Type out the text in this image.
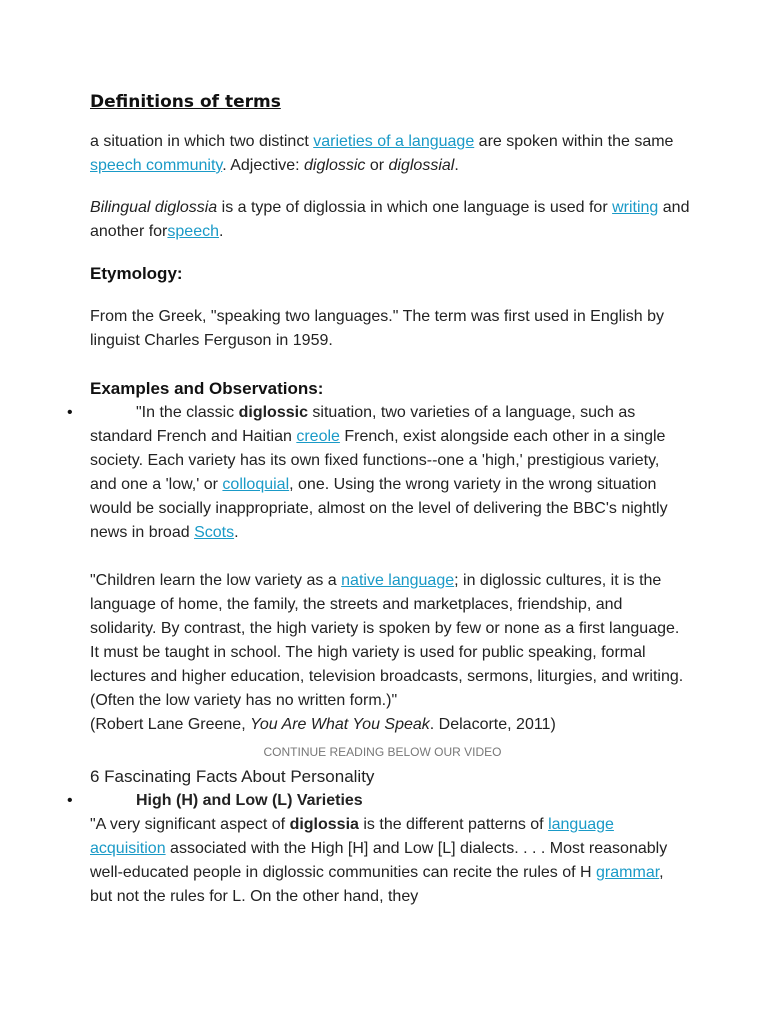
Definitions of terms

a situation in which two distinct varieties of a language are spoken within the same speech community. Adjective: diglossic or diglossial.

Bilingual diglossia is a type of diglossia in which one language is used for writing and another forspeech.

Etymology:

From the Greek, "speaking two languages." The term was first used in English by linguist Charles Ferguson in 1959.

Examples and Observations:

•	"In the classic diglossic situation, two varieties of a language, such as standard French and Haitian creole French, exist alongside each other in a single society. Each variety has its own fixed functions--one a 'high,' prestigious variety, and one a 'low,' or colloquial, one. Using the wrong variety in the wrong situation would be socially inappropriate, almost on the level of delivering the BBC's nightly news in broad Scots.

"Children learn the low variety as a native language; in diglossic cultures, it is the language of home, the family, the streets and marketplaces, friendship, and solidarity. By contrast, the high variety is spoken by few or none as a first language. It must be taught in school. The high variety is used for public speaking, formal lectures and higher education, television broadcasts, sermons, liturgies, and writing. (Often the low variety has no written form.)"
(Robert Lane Greene, You Are What You Speak. Delacorte, 2011)

CONTINUE READING BELOW OUR VIDEO

6 Fascinating Facts About Personality

•	High (H) and Low (L) Varieties

"A very significant aspect of diglossia is the different patterns of language acquisition associated with the High [H] and Low [L] dialects. . . . Most reasonably well-educated people in diglossic communities can recite the rules of H grammar, but not the rules for L. On the other hand, they
